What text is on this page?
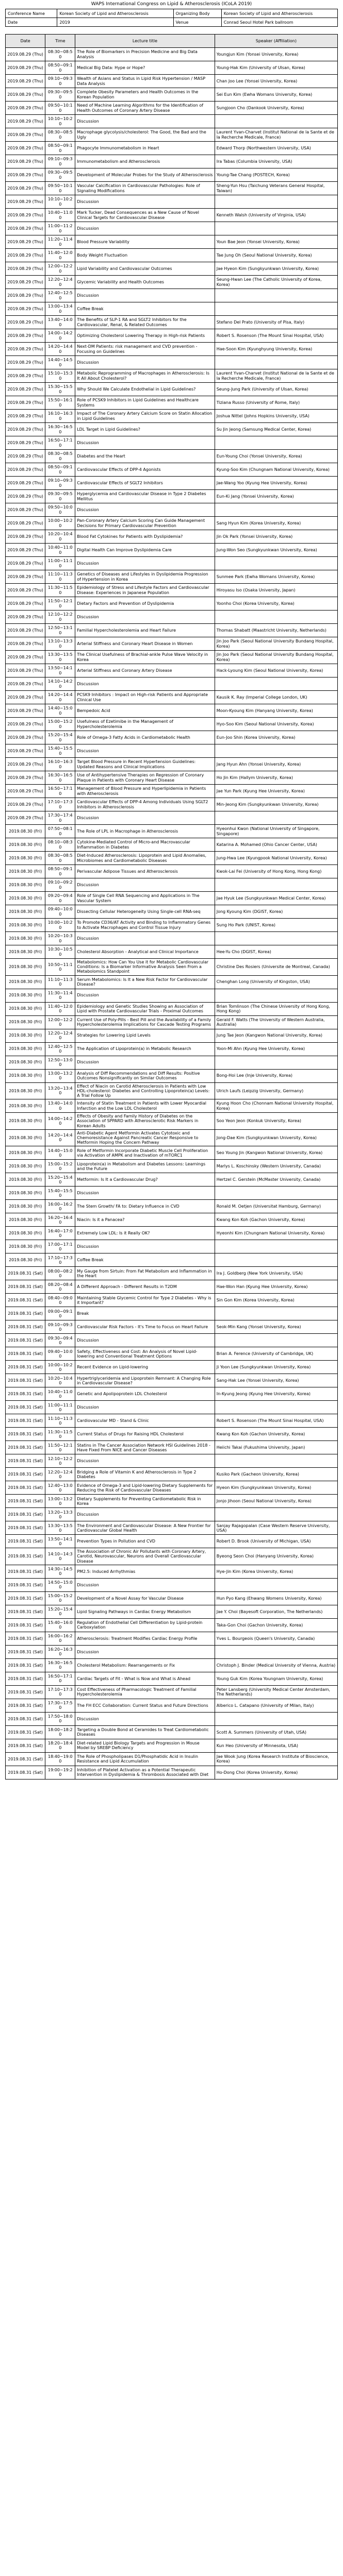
WAPS International Congress on Lipid & Atherosclerosis (ICoLA 2019)
Conference Name	Korean Society of Lipid and Atherosclerosis	Organizing Body	Korean Society of Lipid and Atherosclerosis
Date	2019	Venue	Conrad Seoul Hotel Park ballroom
Date	Time	Lecture title	Speaker (Affiliation)
2019.08.29 (Thu)	08:30~08:50	The Role of Biomarkers in Precision Medicine and Big Data Analysis	Youngjun Kim (Yonsei University, Korea)
2019.08.29 (Thu)	08:50~09:10	Medical Big Data: Hype or Hope?	Young-Hak Kim (University of Ulsan, Korea)
2019.08.29 (Thu)	09:10~09:30	Wealth of Asians and Status in Lipid Risk Hypertension / MASP Data Analysis	Chan Joo Lee (Yonsei University, Korea)
2019.08.29 (Thu)	09:30~09:50	Complete Obesity Parameters and Health Outcomes in the Korean Population	Sei Eun Kim (Ewha Womans University, Korea)
2019.08.29 (Thu)	09:50~10:10	Need of Machine Learning Algorithms for the Identification of Health Outcomes of Coronary Artery Disease	Sungjoon Cho (Dankook University, Korea)
2019.08.29 (Thu)	10:10~10:20	Discussion	
2019.08.29 (Thu)	08:30~08:50	Macrophage glycolysis/cholesterol: The Good, the Bad and the Ugly	Laurent Yvan-Charvet (Institut National de la Sante et de la Recherche Medicale, France)
2019.08.29 (Thu)	08:50~09:10	Phagocyte Immunometabolism in Heart	Edward Thorp (Northwestern University, USA)
2019.08.29 (Thu)	09:10~09:30	Immunometabolism and Atherosclerosis	Ira Tabas (Columbia University, USA)
2019.08.29 (Thu)	09:30~09:50	Development of Molecular Probes for the Study of Atherosclerosis	Young-Tae Chang (POSTECH, Korea)
2019.08.29 (Thu)	09:50~10:10	Vascular Calcification in Cardiovascular Pathologies: Role of Signaling Modifications	Sheng-Yun Hsu (Taichung Veterans General Hospital, Taiwan)
2019.08.29 (Thu)	10:10~10:20	Discussion	
2019.08.29 (Thu)	10:40~11:00	Mark Tucker, Dead Consequences as a New Cause of Novel Clinical Targets for Cardiovascular Disease	Kenneth Walsh (University of Virginia, USA)
2019.08.29 (Thu)	11:00~11:20	Discussion	
2019.08.29 (Thu)	11:20~11:40	Blood Pressure Variability	Youn Bae Jeon (Yonsei University, Korea)
2019.08.29 (Thu)	11:40~12:00	Body Weight Fluctuation	Tae Jung Oh (Seoul National University, Korea)
2019.08.29 (Thu)	12:00~12:20	Lipid Variability and Cardiovascular Outcomes	Jae Hyeon Kim (Sungkyunkwan University, Korea)
2019.08.29 (Thu)	12:20~12:40	Glycemic Variability and Health Outcomes	Seung-Hwan Lee (The Catholic University of Korea, Korea)
2019.08.29 (Thu)	12:40~12:50	Discussion	
2019.08.29 (Thu)	13:00~13:40	Coffee Break	
2019.08.29 (Thu)	13:40~14:00	The Benefits of SLP-1 RA and SGLT2 Inhibitors for the Cardiovascular, Renal, & Related Outcomes	Stefano Del Prato (University of Pisa, Italy)
2019.08.29 (Thu)	14:00~14:20	Optimizing Cholesterol Lowering Therapy in High-risk Patients	Robert S. Rosenson (The Mount Sinai Hospital, USA)
2019.08.29 (Thu)	14:20~14:40	Next-DM Patients: risk management and CVD prevention - Focusing on Guidelines	Hae-Soon Kim (Kyunghyung University, Korea)
2019.08.29 (Thu)	14:40~14:50	Discussion	
2019.08.29 (Thu)	15:10~15:30	Metabolic Reprogramming of Macrophages in Atherosclerosis: Is It All About Cholesterol?	Laurent Yvan-Charvet (Institut National de la Sante et de la Recherche Medicale, France)
2019.08.29 (Thu)	15:30~15:50	Why Should We Calculate Endothelial in Lipid Guidelines?	Seung-Jung Park (University of Ulsan, Korea)
2019.08.29 (Thu)	15:50~16:10	Role of PCSK9 Inhibitors in Lipid Guidelines and Healthcare Systems	Tiziana Russo (University of Rome, Italy)
2019.08.29 (Thu)	16:10~16:30	Impact of The Coronary Artery Calcium Score on Statin Allocation in Lipid Guidelines	Joshua Nittel (Johns Hopkins University, USA)
2019.08.29 (Thu)	16:30~16:50	LDL Target in Lipid Guidelines?	Su Jin Jeong (Samsung Medical Center, Korea)
2019.08.29 (Thu)	16:50~17:10	Discussion	
2019.08.29 (Thu)	08:30~08:50	Diabetes and the Heart	Eun-Young Choi (Yonsei University, Korea)
2019.08.29 (Thu)	08:50~09:10	Cardiovascular Effects of DPP-4 Agonists	Kyung-Soo Kim (Chungnam National University, Korea)
2019.08.29 (Thu)	09:10~09:30	Cardiovascular Effects of SGLT2 Inhibitors	Jae-Wang Yoo (Kyung Hee University, Korea)
2019.08.29 (Thu)	09:30~09:50	Hyperglycemia and Cardiovascular Disease in Type 2 Diabetes Mellitus	Eun-Ki Jang (Yonsei University, Korea)
2019.08.29 (Thu)	09:50~10:00	Discussion	
2019.08.29 (Thu)	10:00~10:20	Pan-Coronary Artery Calcium Scoring Can Guide Management Decisions for Primary Cardiovascular Prevention	Sang Hyun Kim (Korea University, Korea)
2019.08.29 (Thu)	10:20~10:40	Blood Fat Cytokines for Patients with Dyslipidemia?	Jin Ok Park (Yonsei University, Korea)
2019.08.29 (Thu)	10:40~11:00	Digital Health Can Improve Dyslipidemia Care	Jung-Won Seo (Sungkyunkwan University, Korea)
2019.08.29 (Thu)	11:00~11:10	Discussion	
2019.08.29 (Thu)	11:10~11:30	Genetics of Diseases and Lifestyles in Dyslipidemia Progression of Hypertension in Korea	Sunmee Park (Ewha Womans University, Korea)
2019.08.29 (Thu)	11:30~11:50	Epidemiology of Stress and Lifestyle Factors and Cardiovascular Disease: Experiences in Japanese Population	Hiroyasu Iso (Osaka University, Japan)
2019.08.29 (Thu)	11:50~12:10	Dietary Factors and Prevention of Dyslipidemia	Yoonho Choi (Korea University, Korea)
2019.08.29 (Thu)	12:10~12:20	Discussion	
2019.08.29 (Thu)	12:50~13:10	Familial Hypercholesterolemia and Heart Failure	Thomas Shabatt (Maastricht University, Netherlands)
2019.08.29 (Thu)	13:10~13:30	Arterial Stiffness and Coronary Heart Disease in Women	Jin Joo Park (Seoul National University Bundang Hospital, Korea)
2019.08.29 (Thu)	13:30~13:50	The Clinical Usefulness of Brachial-ankle Pulse Wave Velocity in Korea	Jin Joo Park (Seoul National University Bundang Hospital, Korea)
2019.08.29 (Thu)	13:50~14:10	Arterial Stiffness and Coronary Artery Disease	Hack-Lyoung Kim (Seoul National University, Korea)
2019.08.29 (Thu)	14:10~14:20	Discussion	
2019.08.29 (Thu)	14:20~14:40	PCSK9 Inhibitors : Impact on High-risk Patients and Appropriate Clinical Use	Kausik K. Ray (Imperial College London, UK)
2019.08.29 (Thu)	14:40~15:00	Bempedoic Acid	Moon-Kyoung Kim (Hanyang University, Korea)
2019.08.29 (Thu)	15:00~15:20	Usefulness of Ezetimibe in the Management of Hypercholesterolemia	Hyo-Soo Kim (Seoul National University, Korea)
2019.08.29 (Thu)	15:20~15:40	Role of Omega-3 Fatty Acids in Cardiometabolic Health	Eun-Joo Shin (Korea University, Korea)
2019.08.29 (Thu)	15:40~15:50	Discussion	
2019.08.29 (Thu)	16:10~16:30	Target Blood Pressure in Recent Hypertension Guidelines: Updated Reasons and Clinical Implications	Jang Hyun Ahn (Yonsei University, Korea)
2019.08.29 (Thu)	16:30~16:50	Use of Antihypertensive Therapies on Regression of Coronary Plaque in Patients with Coronary Heart Disease	Ho Jin Kim (Hallym University, Korea)
2019.08.29 (Thu)	16:50~17:10	Management of Blood Pressure and Hyperlipidemia in Patients with Atherosclerosis	Jae Yun Park (Kyung Hee University, Korea)
2019.08.29 (Thu)	17:10~17:30	Cardiovascular Effects of DPP-4 Among Individuals Using SGLT2 Inhibitors in Atherosclerosis	Min-Jeong Kim (Sungkyunkwan University, Korea)
2019.08.29 (Thu)	17:30~17:40	Discussion	
2019.08.30 (Fri)	07:50~08:10	The Role of LPL in Macrophage in Atherosclerosis	Hyeonhui Kwon (National University of Singapore, Singapore)
2019.08.30 (Fri)	08:10~08:30	Cytokine-Mediated Control of Micro-and Macrovascular Inflammation in Diabetes	Katarina A. Mohamed (Ohio Cancer Center, USA)
2019.08.30 (Fri)	08:30~08:50	Diet-Induced Atherosclerosis: Lipoprotein and Lipid Anomalies, Microbiomes and Cardiometabolic Diseases	Jung-Hwa Lee (Kyungpook National University, Korea)
2019.08.30 (Fri)	08:50~09:10	Perivascular Adipose Tissues and Atherosclerosis	Kwok-Lai Fei (University of Hong Kong, Hong Kong)
2019.08.30 (Fri)	09:10~09:20	Discussion	
2019.08.30 (Fri)	09:20~09:40	Role of Single Cell RNA Sequencing and Applications in The Vascular System	Jae Hyuk Lee (Sungkyunkwan Medical Center, Korea)
2019.08.30 (Fri)	09:40~10:00	Dissecting Cellular Heterogeneity Using Single-cell RNA-seq	Jong Kyoung Kim (DGIST, Korea)
2019.08.30 (Fri)	10:00~10:20	To Promote CD36/AT Activity and Binding to Inflammatory Genes to Activate Macrophages and Control Tissue Injury	Sung Ho Park (UNIST, Korea)
2019.08.30 (Fri)	10:20~10:30	Discussion	
2019.08.30 (Fri)	10:30~10:50	Cholesterol Absorption - Analytical and Clinical Importance	Hee-Yu Cho (DGIST, Korea)
2019.08.30 (Fri)	10:50~11:10	Metabolomics: How Can You Use it for Metabolic Cardiovascular Conditions: Is a Biomarker Informative Analysis Seen From a Metabolomics Standpoint	Christine Des Rosiers (Universite de Montreal, Canada)
2019.08.30 (Fri)	11:10~11:30	Serum Metabolomics: Is It a New Risk Factor for Cardiovascular Disease?	Chenghan Long (University of Kingston, USA)
2019.08.30 (Fri)	11:30~11:40	Discussion	
2019.08.30 (Fri)	11:40~12:00	Epidemiology and Genetic Studies Showing an Association of Lipid with Prostate Cardiovascular Trials - Proximal Outcomes	Brian Tomlinson (The Chinese University of Hong Kong, Hong Kong)
2019.08.30 (Fri)	12:00~12:20	Current Use of Poly-Pills - Best Pill and the Availability of a Family Hypercholesterolemia Implications for Cascade Testing Programs	Gerald F. Watts (The University of Western Australia, Australia)
2019.08.30 (Fri)	12:20~12:40	Strategies for Lowering Lipid Levels	Jung Tae Jeon (Kangwon National University, Korea)
2019.08.30 (Fri)	12:40~12:50	The Application of Lipoprotein(a) in Metabolic Research	Yoon-Mi Ahn (Kyung Hee University, Korea)
2019.08.30 (Fri)	12:50~13:00	Discussion	
2019.08.30 (Fri)	13:00~13:20	Analysis of Diff Recommendations and Diff Results: Positive Outcomes Nonsignificantly on Similar Outcomes	Bong-Hoi Lee (Inje University, Korea)
2019.08.30 (Fri)	13:20~13:40	Effect of Niacin on Carotid Atherosclerosis in Patients with Low HDL-cholesterol: Diabetes and Controlling Lipoprotein(a) Levels: A Trial Follow Up	Ulrich Laufs (Leipzig University, Germany)
2019.08.30 (Fri)	13:40~14:00	Intensity of Statin Treatment in Patients with Lower Myocardial Infarction and the Low LDL Cholesterol	Kyung Hoon Cho (Chonnam National University Hospital, Korea)
2019.08.30 (Fri)	14:00~14:20	Effects of Obesity and Family History of Diabetes on the Association of SPPARD with Atherosclerotic Risk Markers in Korean Adults	Soo Yeon Jeon (Konkuk University, Korea)
2019.08.30 (Fri)	14:20~14:40	Anti-Diabetic Agent Metformin Activates Cytotoxic and Chemoresistance Against Pancreatic Cancer Responsive to Metformin Hoping the Concern Pathway	Jong-Dae Kim (Sungkyunkwan University, Korea)
2019.08.30 (Fri)	14:40~15:00	Role of Metformin Incorporate Diabetic Muscle Cell Proliferation via Activation of AMPK and Inactivation of mTORC1	Seo Young Jin (Kangwon National University, Korea)
2019.08.30 (Fri)	15:00~15:20	Lipoprotein(a) in Metabolism and Diabetes Lessons: Learnings and the Future	Marlys L. Koschinsky (Western University, Canada)
2019.08.30 (Fri)	15:20~15:40	Metformin: Is It a Cardiovascular Drug?	Hertzel C. Gerstein (McMaster University, Canada)
2019.08.30 (Fri)	15:40~15:50	Discussion	
2019.08.30 (Fri)	16:00~16:20	The Stem Growth/ FA to: Dietary Influence in CVD	Ronald M. Oetjen (Universitat Hamburg, Germany)
2019.08.30 (Fri)	16:20~16:40	Niacin: Is it a Panacea?	Kwang Kon Koh (Gachon University, Korea)
2019.08.30 (Fri)	16:40~17:00	Extremely Low LDL: Is it Really OK?	Hyeonhi Kim (Chungnam National University, Korea)
2019.08.30 (Fri)	17:00~17:10	Discussion	
2019.08.30 (Fri)	17:10~17:30	Coffee Break	
2019.08.31 (Sat)	08:00~08:20	My Gauge from Sirtuin: From Fat Metabolism and Inflammation in the Heart	Ira J. Goldberg (New York University, USA)
2019.08.31 (Sat)	08:20~08:40	A Different Approach - Different Results in T2DM	Hae-Won Han (Kyung Hee University, Korea)
2019.08.31 (Sat)	08:40~09:00	Maintaining Stable Glycemic Control for Type 2 Diabetes - Why is it Important?	Sin Gon Kim (Korea University, Korea)
2019.08.31 (Sat)	09:00~09:10	Break	
2019.08.31 (Sat)	09:10~09:30	Cardiovascular Risk Factors - It's Time to Focus on Heart Failure	Seok-Min Kang (Yonsei University, Korea)
2019.08.31 (Sat)	09:30~09:40	Discussion	
2019.08.31 (Sat)	09:40~10:00	Safety, Effectiveness and Cost: An Analysis of Novel Lipid-lowering and Conventional Treatment Options	Brian A. Ference (University of Cambridge, UK)
2019.08.31 (Sat)	10:00~10:20	Recent Evidence on Lipid-lowering	Ji Yoon Lee (Sungkyunkwan University, Korea)
2019.08.31 (Sat)	10:20~10:40	Hypertriglyceridemia and Lipoprotein Remnant: A Changing Role in Cardiovascular Disease?	Sang-Hak Lee (Yonsei University, Korea)
2019.08.31 (Sat)	10:40~11:00	Genetic and Apolipoprotein LDL Cholesterol	In-Kyung Jeong (Kyung Hee University, Korea)
2019.08.31 (Sat)	11:00~11:10	Discussion	
2019.08.31 (Sat)	11:10~11:30	Cardiovascular MD - Stand & Clinic	Robert S. Rosenson (The Mount Sinai Hospital, USA)
2019.08.31 (Sat)	11:30~11:50	Current Status of Drugs for Raising HDL Cholesterol	Kwang Kon Koh (Gachon University, Korea)
2019.08.31 (Sat)	11:50~12:10	Statins in The Cancer Association Network HSI Guidelines 2018 - Have Fixed From NICE and Cancer Diseases	Heiichi Takai (Fukushima University, Japan)
2019.08.31 (Sat)	12:10~12:20	Discussion	
2019.08.31 (Sat)	12:20~12:40	Bridging a Role of Vitamin K and Atherosclerosis in Type 2 Diabetes	Kusiko Park (Gacheon University, Korea)
2019.08.31 (Sat)	12:40~13:00	Evidence of Omega-3 and Lipid-lowering Dietary Supplements for Reducing the Risk of Cardiovascular Diseases	Hyeon Kim (Sungkyunkwan University, Korea)
2019.08.31 (Sat)	13:00~13:20	Dietary Supplements for Preventing Cardiometabolic Risk in Korea	Jonjo Jihoon (Seoul National University, Korea)
2019.08.31 (Sat)	13:20~13:30	Discussion	
2019.08.31 (Sat)	13:30~13:50	The Environment and Cardiovascular Disease: A New Frontier for Cardiovascular Global Health	Sanjay Rajagopalan (Case Western Reserve University, USA)
2019.08.31 (Sat)	13:50~14:10	Prevention Types in Pollution and CVD	Robert D. Brook (University of Michigan, USA)
2019.08.31 (Sat)	14:10~14:30	The Association of Chronic Air Pollutants with Coronary Artery, Carotid, Neurovascular, Neurons and Overall Cardiovascular Disease	Byeong Seon Choi (Hanyang University, Korea)
2019.08.31 (Sat)	14:30~14:50	PM2.5: Induced Arrhythmias	Hye-Jin Kim (Korea University, Korea)
2019.08.31 (Sat)	14:50~15:00	Discussion	
2019.08.31 (Sat)	15:00~15:20	Development of a Novel Assay for Vascular Disease	Hun Pyo Kang (Ehwang Womens University, Korea)
2019.08.31 (Sat)	15:20~15:40	Lipid Signaling Pathways in Cardiac Energy Metabolism	Jae Y. Choi (Bayesoft Corporation, The Netherlands)
2019.08.31 (Sat)	15:40~16:00	Regulation of Endothelial Cell Differentiation by Lipid-protein Carboxylation	Taka-Gon Choi (Gachon University, Korea)
2019.08.31 (Sat)	16:00~16:20	Atherosclerosis: Treatment Modifies Cardiac Energy Profile	Yves L. Bourgeois (Queen's University, Canada)
2019.08.31 (Sat)	16:20~16:30	Discussion	
2019.08.31 (Sat)	16:30~16:50	Cholesterol Metabolism: Rearrangements or Fix	Christoph J. Binder (Medical University of Vienna, Austria)
2019.08.31 (Sat)	16:50~17:10	Cardiac Targets of Fit - What is Now and What is Ahead	Young Guk Kim (Korea Youngnam University, Korea)
2019.08.31 (Sat)	17:10~17:30	Cost Effectiveness of Pharmacologic Treatment of Familial Hypercholesterolemia	Peter Lansberg (University Medical Center Amsterdam, The Netherlands)
2019.08.31 (Sat)	17:30~17:50	The FH ECC Collaboration: Current Status and Future Directions	Alberico L. Catapano (University of Milan, Italy)
2019.08.31 (Sat)	17:50~18:00	Discussion	
2019.08.31 (Sat)	18:00~18:20	Targeting a Double Bond at Ceramides to Treat Cardiometabolic Diseases	Scott A. Summers (University of Utah, USA)
2019.08.31 (Sat)	18:20~18:40	Diet-related Lipid Biology Targets and Progression in Mouse Model by SREBP Deficiency	Kun Heo (University of Minnesota, USA)
2019.08.31 (Sat)	18:40~19:00	The Role of Phospholipases D1/Phosphatidic Acid in Insulin Resistance and Lipid Accumulation	Jae Wook Jung (Korea Research Institute of Bioscience, Korea)
2019.08.31 (Sat)	19:00~19:20	Inhibition of Platelet Activation as a Potential Therapeutic Intervention in Dyslipidemia & Thrombosis Associated with Diet	Ho-Dong Choi (Korea University, Korea)
